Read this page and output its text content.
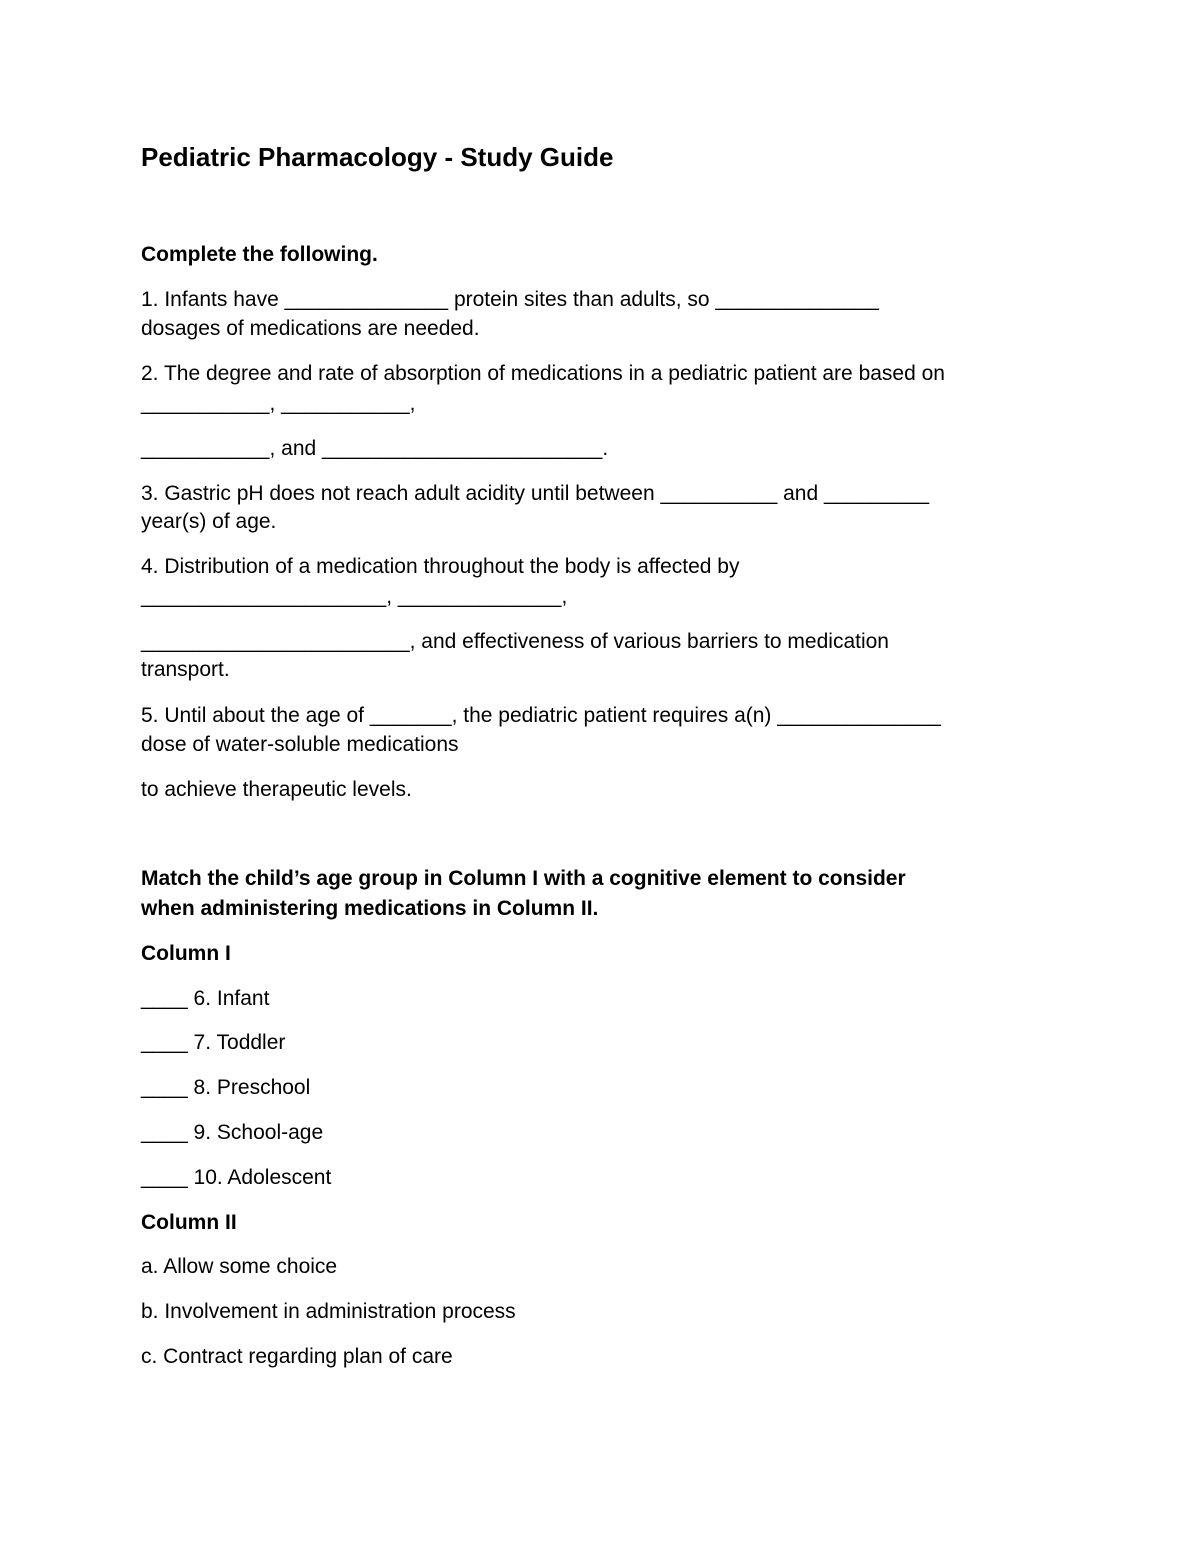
Pediatric Pharmacology - Study Guide
Complete the following.
1. Infants have ______________ protein sites than adults, so ______________
dosages of medications are needed.
2. The degree and rate of absorption of medications in a pediatric patient are based on
___________, ___________,
___________, and ________________________.
3. Gastric pH does not reach adult acidity until between __________ and _________
year(s) of age.
4. Distribution of a medication throughout the body is affected by
_____________________, ______________,
_______________________, and effectiveness of various barriers to medication
transport.
5. Until about the age of _______, the pediatric patient requires a(n) ______________
dose of water-soluble medications
to achieve therapeutic levels.
Match the child’s age group in Column I with a cognitive element to consider
when administering medications in Column II.
Column I
____ 6. Infant
____ 7. Toddler
____ 8. Preschool
____ 9. School-age
____ 10. Adolescent
Column II
a. Allow some choice
b. Involvement in administration process
c. Contract regarding plan of care
